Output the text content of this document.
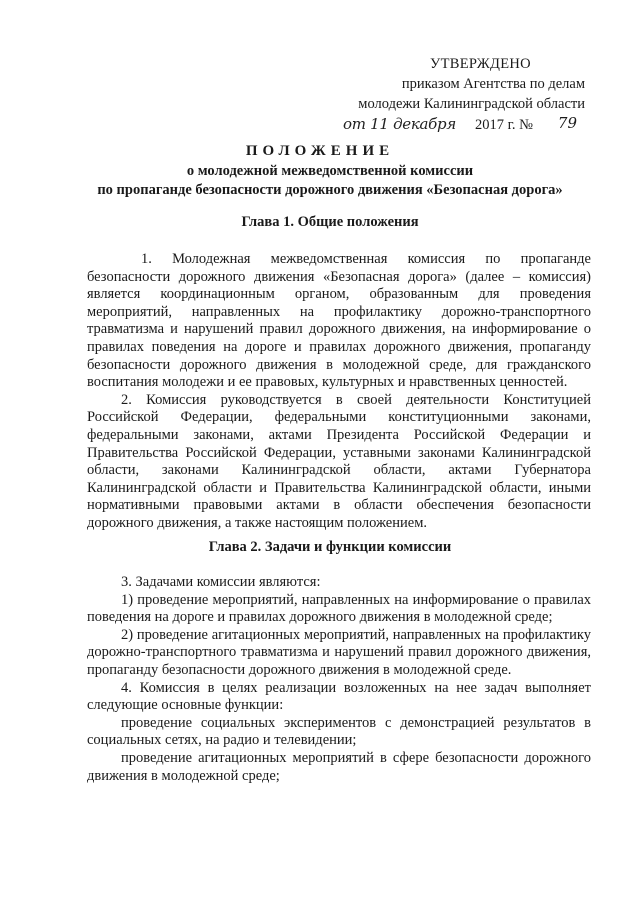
УТВЕРЖДЕНО
приказом Агентства по делам
молодежи Калининградской области
от 11 декабря 2017 г. № 79
ПОЛОЖЕНИЕ
о молодежной межведомственной комиссии
по пропаганде безопасности дорожного движения «Безопасная дорога»
Глава 1. Общие положения

1. Молодежная межведомственная комиссия по пропаганде безопасности дорожного движения «Безопасная дорога» (далее – комиссия) является координационным органом, образованным для проведения мероприятий, направленных на профилактику дорожно-транспортного травматизма и нарушений правил дорожного движения, на информирование о правилах поведения на дороге и правилах дорожного движения, пропаганду безопасности дорожного движения в молодежной среде, для гражданского воспитания молодежи и ее правовых, культурных и нравственных ценностей.

2. Комиссия руководствуется в своей деятельности Конституцией Российской Федерации, федеральными конституционными законами, федеральными законами, актами Президента Российской Федерации и Правительства Российской Федерации, уставными законами Калининградской области, законами Калининградской области, актами Губернатора Калининградской области и Правительства Калининградской области, иными нормативными правовыми актами в области обеспечения безопасности дорожного движения, а также настоящим положением.

Глава 2. Задачи и функции комиссии

3. Задачами комиссии являются:

1) проведение мероприятий, направленных на информирование о правилах поведения на дороге и правилах дорожного движения в молодежной среде;

2) проведение агитационных мероприятий, направленных на профилактику дорожно-транспортного травматизма и нарушений правил дорожного движения, пропаганду безопасности дорожного движения в молодежной среде.

4. Комиссия в целях реализации возложенных на нее задач выполняет следующие основные функции:

проведение социальных экспериментов с демонстрацией результатов в социальных сетях, на радио и телевидении;

проведение агитационных мероприятий в сфере безопасности дорожного движения в молодежной среде;
